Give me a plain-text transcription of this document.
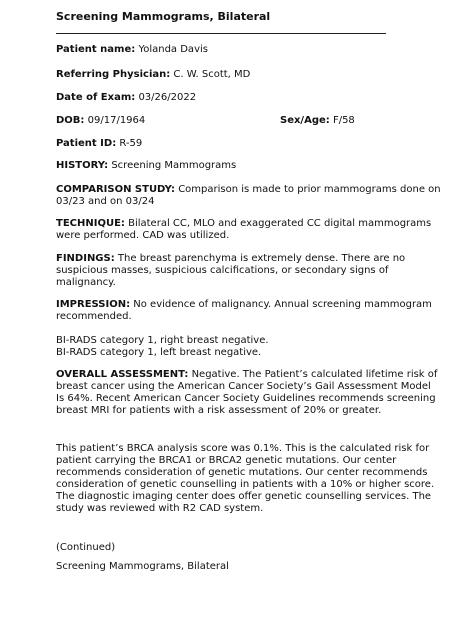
Screening Mammograms, Bilateral
Patient name: Yolanda Davis
Referring Physician: C. W. Scott, MD
Date of Exam: 03/26/2022
DOB: 09/17/1964	Sex/Age: F/58
Patient ID: R-59
HISTORY: Screening Mammograms
COMPARISON STUDY: Comparison is made to prior mammograms done on
03/23 and on 03/24
TECHNIQUE: Bilateral CC, MLO and exaggerated CC digital mammograms
were performed. CAD was utilized.
FINDINGS: The breast parenchyma is extremely dense. There are no
suspicious masses, suspicious calcifications, or secondary signs of
malignancy.
IMPRESSION: No evidence of malignancy. Annual screening mammogram
recommended.
BI-RADS category 1, right breast negative.
BI-RADS category 1, left breast negative.
OVERALL ASSESSMENT: Negative. The Patient’s calculated lifetime risk of
breast cancer using the American Cancer Society’s Gail Assessment Model
Is 64%. Recent American Cancer Society Guidelines recommends screening
breast MRI for patients with a risk assessment of 20% or greater.
This patient’s BRCA analysis score was 0.1%. This is the calculated risk for
patient carrying the BRCA1 or BRCA2 genetic mutations. Our center
recommends consideration of genetic mutations. Our center recommends
consideration of genetic counselling in patients with a 10% or higher score.
The diagnostic imaging center does offer genetic counselling services. The
study was reviewed with R2 CAD system.
(Continued)
Screening Mammograms, Bilateral
